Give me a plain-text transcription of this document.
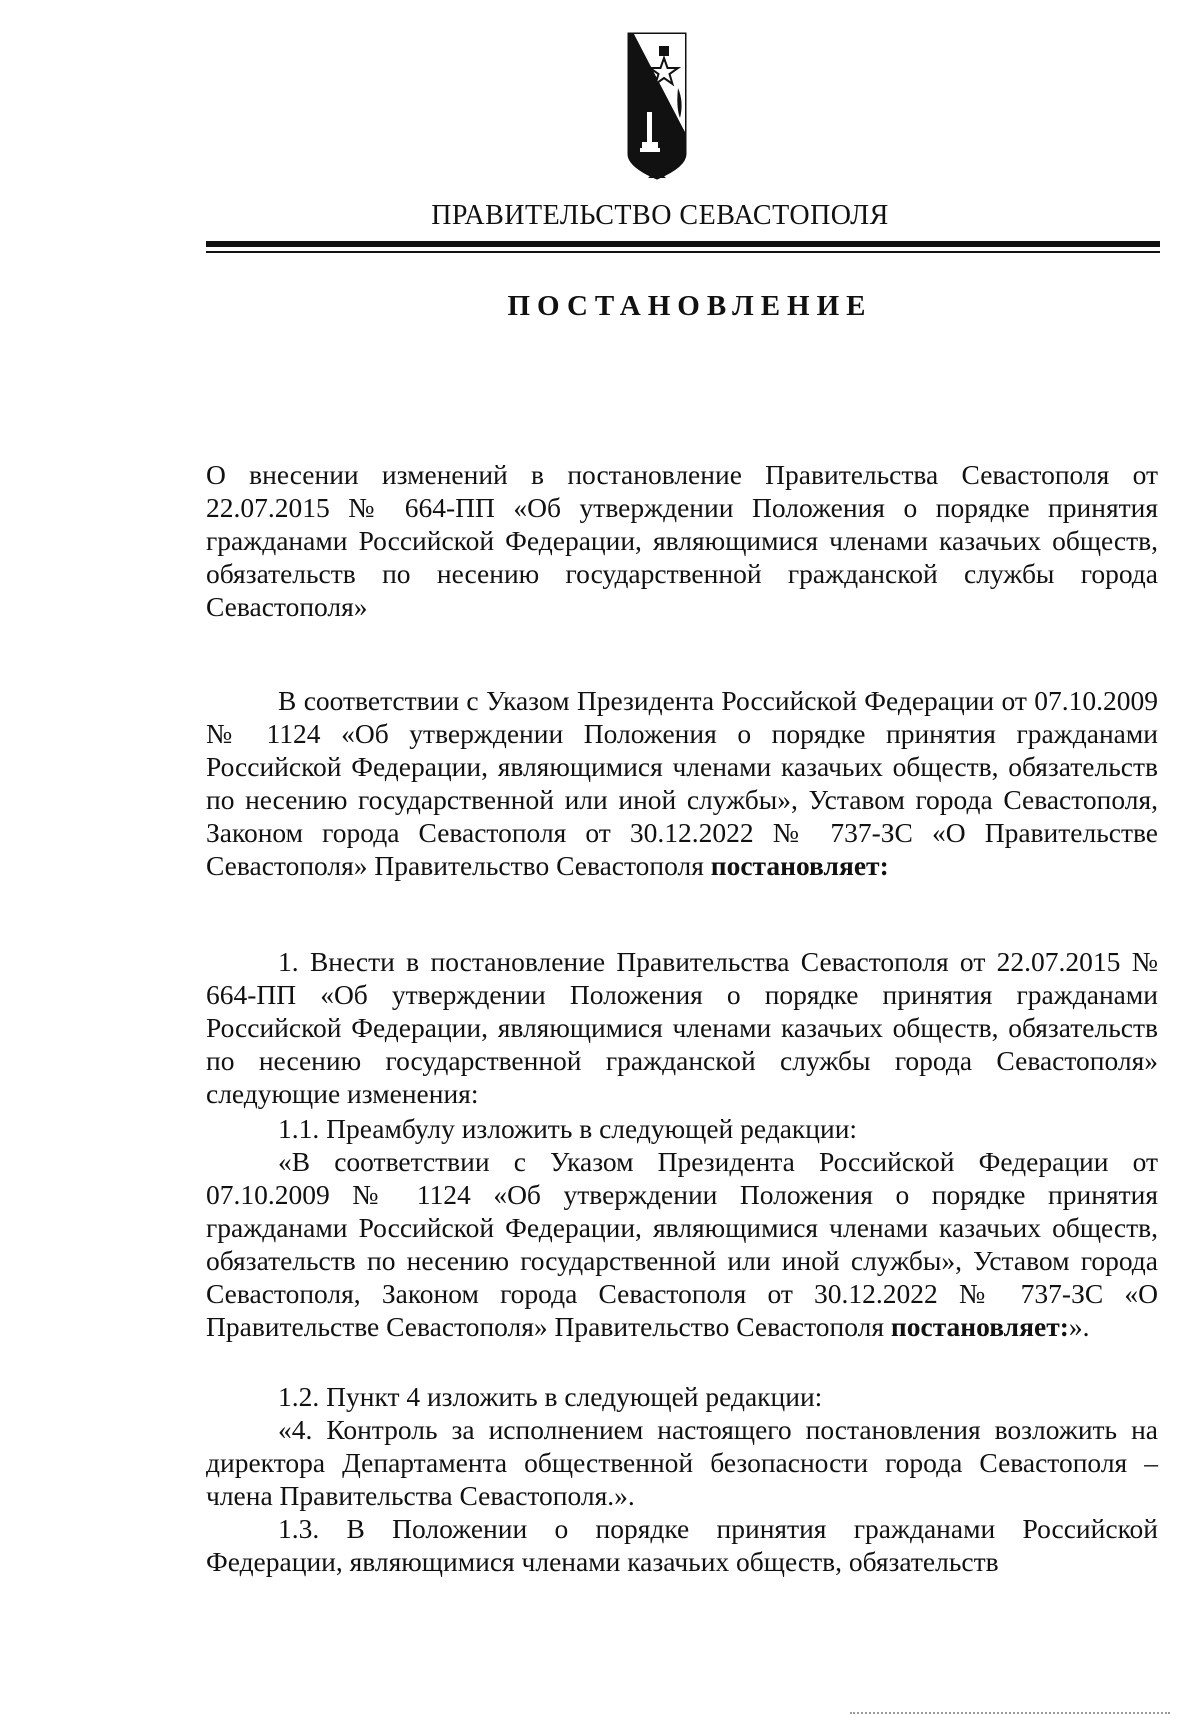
ПРАВИТЕЛЬСТВО СЕВАСТОПОЛЯ
ПОСТАНОВЛЕНИЕ

О внесении изменений в постановление Правительства Севастополя от 22.07.2015 № 664-ПП «Об утверждении Положения о порядке принятия гражданами Российской Федерации, являющимися членами казачьих обществ, обязательств по несению государственной гражданской службы города Севастополя»

В соответствии с Указом Президента Российской Федерации от 07.10.2009 № 1124 «Об утверждении Положения о порядке принятия гражданами Российской Федерации, являющимися членами казачьих обществ, обязательств по несению государственной или иной службы», Уставом города Севастополя, Законом города Севастополя от 30.12.2022 № 737-ЗС «О Правительстве Севастополя» Правительство Севастополя постановляет:

1. Внести в постановление Правительства Севастополя от 22.07.2015 № 664-ПП «Об утверждении Положения о порядке принятия гражданами Российской Федерации, являющимися членами казачьих обществ, обязательств по несению государственной гражданской службы города Севастополя» следующие изменения:

1.1. Преамбулу изложить в следующей редакции:

«В соответствии с Указом Президента Российской Федерации от 07.10.2009 № 1124 «Об утверждении Положения о порядке принятия гражданами Российской Федерации, являющимися членами казачьих обществ, обязательств по несению государственной или иной службы», Уставом города Севастополя, Законом города Севастополя от 30.12.2022 № 737-ЗС «О Правительстве Севастополя» Правительство Севастополя постановляет:».

1.2. Пункт 4 изложить в следующей редакции:

«4. Контроль за исполнением настоящего постановления возложить на директора Департамента общественной безопасности города Севастополя – члена Правительства Севастополя.».

1.3. В Положении о порядке принятия гражданами Российской Федерации, являющимися членами казачьих обществ, обязательств
